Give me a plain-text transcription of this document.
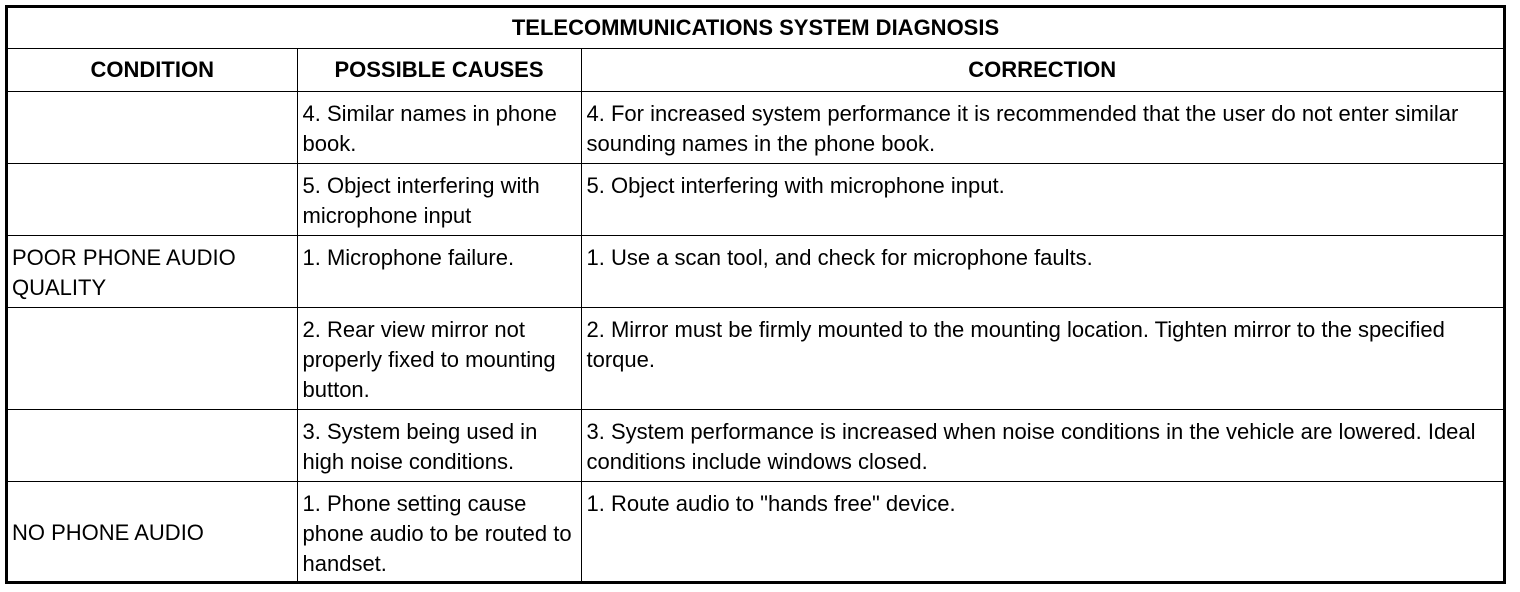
TELECOMMUNICATIONS SYSTEM DIAGNOSIS		
CONDITION	POSSIBLE CAUSES	CORRECTION
	4. Similar names in phone book.	4. For increased system performance it is recommended that the user do not enter similar sounding names in the phone book.
	5. Object interfering with microphone input	5. Object interfering with microphone input.
POOR PHONE AUDIO QUALITY	1. Microphone failure.	1. Use a scan tool, and check for microphone faults.
	2. Rear view mirror not properly fixed to mounting button.	2. Mirror must be firmly mounted to the mounting location. Tighten mirror to the specified torque.
	3. System being used in high noise conditions.	3. System performance is increased when noise conditions in the vehicle are lowered. Ideal conditions include windows closed.
NO PHONE AUDIO	1. Phone setting cause phone audio to be routed to handset.	1. Route audio to "hands free" device.
